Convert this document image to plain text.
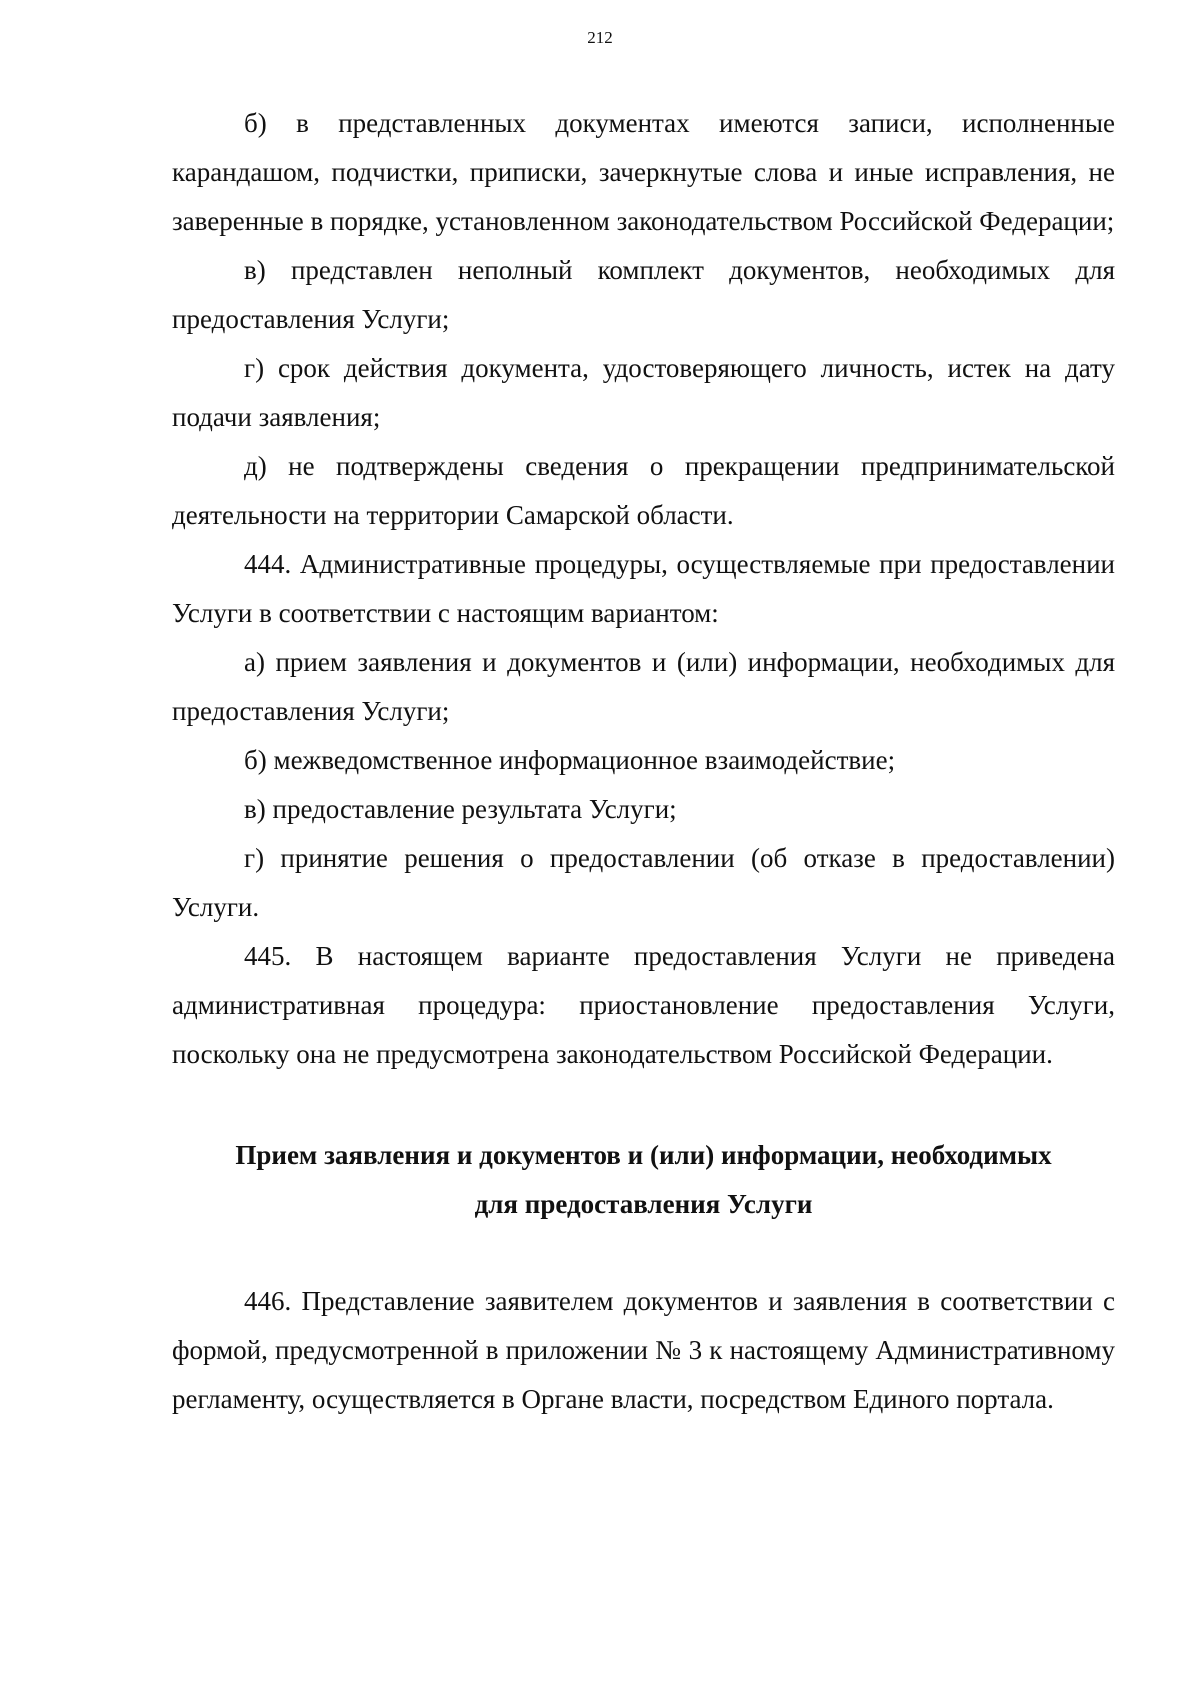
212

б) в представленных документах имеются записи, исполненные карандашом, подчистки, приписки, зачеркнутые слова и иные исправления, не заверенные в порядке, установленном законодательством Российской Федерации;

в) представлен неполный комплект документов, необходимых для предоставления Услуги;

г) срок действия документа, удостоверяющего личность, истек на дату подачи заявления;

д) не подтверждены сведения о прекращении предпринимательской деятельности на территории Самарской области.

444. Административные процедуры, осуществляемые при предоставлении Услуги в соответствии с настоящим вариантом:

а) прием заявления и документов и (или) информации, необходимых для предоставления Услуги;

б) межведомственное информационное взаимодействие;

в) предоставление результата Услуги;

г) принятие решения о предоставлении (об отказе в предоставлении) Услуги.

445. В настоящем варианте предоставления Услуги не приведена административная процедура: приостановление предоставления Услуги, поскольку она не предусмотрена законодательством Российской Федерации.

Прием заявления и документов и (или) информации, необходимых
для предоставления Услуги

446. Представление заявителем документов и заявления в соответствии с формой, предусмотренной в приложении № 3 к настоящему Административному регламенту, осуществляется в Органе власти, посредством Единого портала.
